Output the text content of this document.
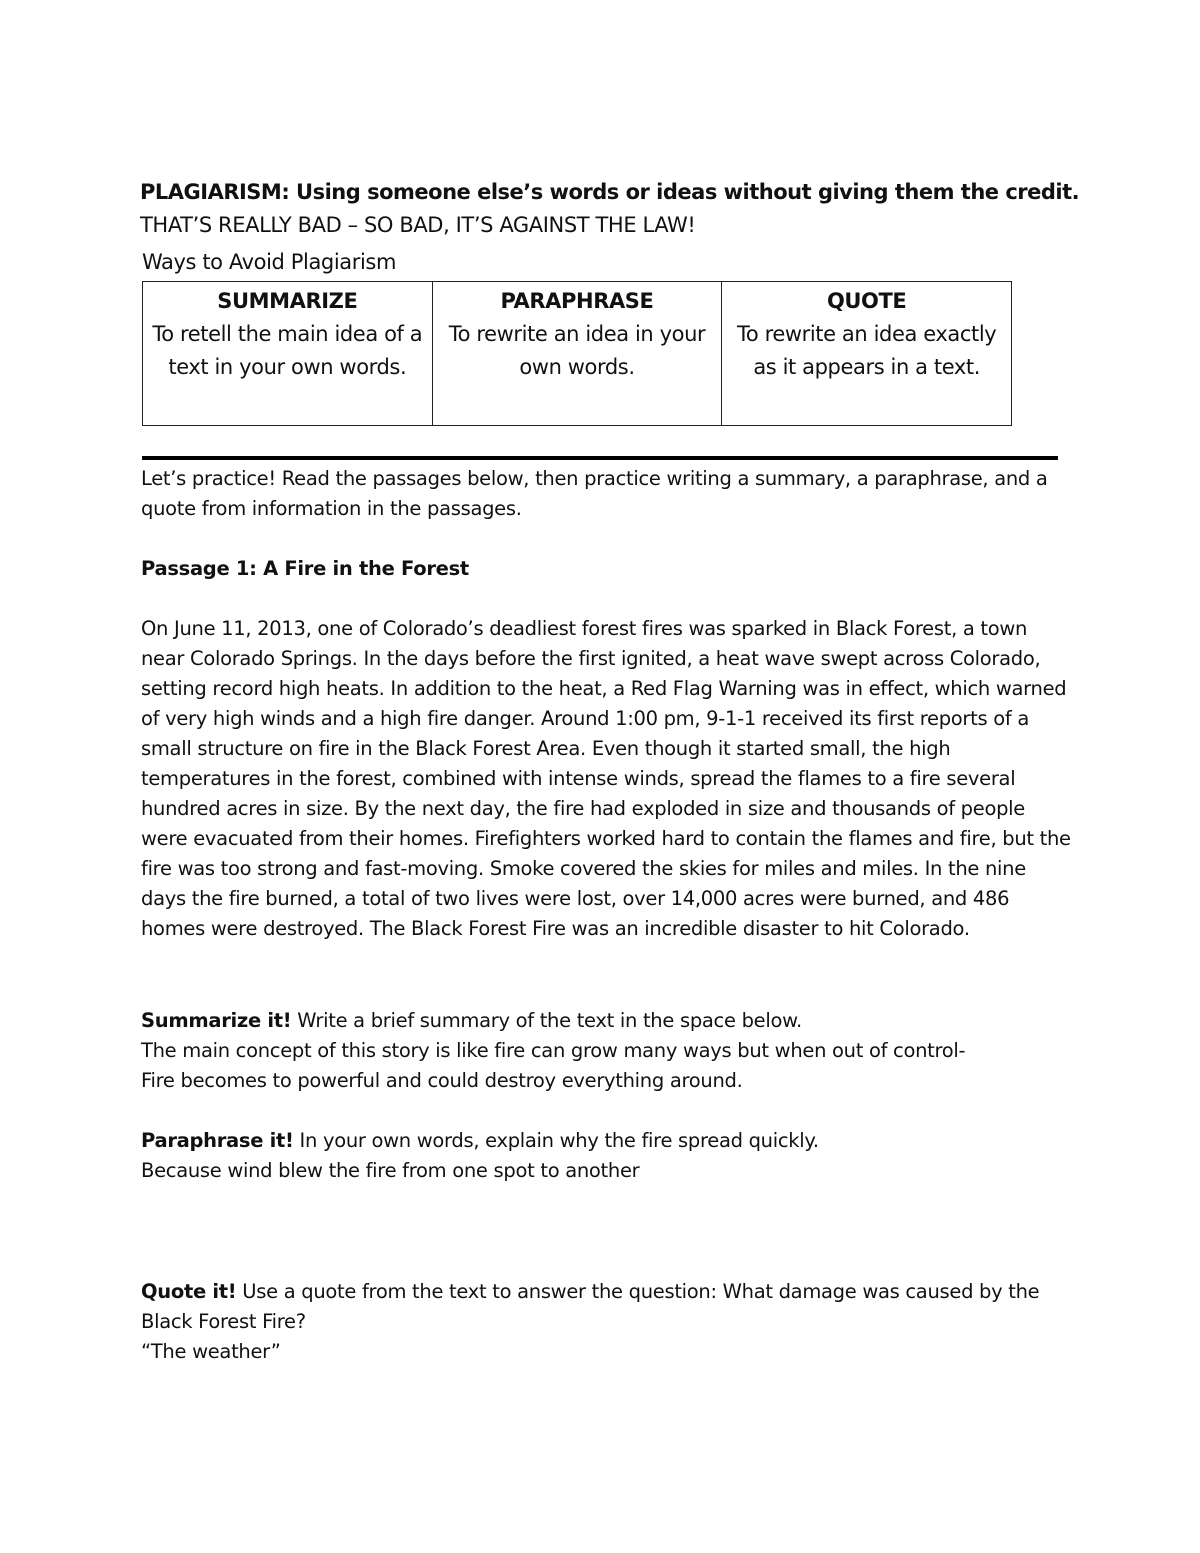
PLAGIARISM: Using someone else’s words or ideas without giving them the credit.
THAT’S REALLY BAD – SO BAD, IT’S AGAINST THE LAW!
Ways to Avoid Plagiarism
SUMMARIZE
To retell the main idea of a text in your own words.	
PARAPHRASE
To rewrite an idea in your own words.	
QUOTE
To rewrite an idea exactly as it appears in a text.

Let’s practice! Read the passages below, then practice writing a summary, a paraphrase, and a quote from information in the passages.

Passage 1: A Fire in the Forest

On June 11, 2013, one of Colorado’s deadliest forest fires was sparked in Black Forest, a town near Colorado Springs. In the days before the first ignited, a heat wave swept across Colorado, setting record high heats. In addition to the heat, a Red Flag Warning was in effect, which warned of very high winds and a high fire danger. Around 1:00 pm, 9-1-1 received its first reports of a small structure on fire in the Black Forest Area. Even though it started small, the high temperatures in the forest, combined with intense winds, spread the flames to a fire several hundred acres in size. By the next day, the fire had exploded in size and thousands of people were evacuated from their homes. Firefighters worked hard to contain the flames and fire, but the fire was too strong and fast-moving. Smoke covered the skies for miles and miles. In the nine days the fire burned, a total of two lives were lost, over 14,000 acres were burned, and 486 homes were destroyed. The Black Forest Fire was an incredible disaster to hit Colorado.

Summarize it! Write a brief summary of the text in the space below.

The main concept of this story is like fire can grow many ways but when out of control-

Fire becomes to powerful and could destroy everything around.

Paraphrase it! In your own words, explain why the fire spread quickly.

Because wind blew the fire from one spot to another

Quote it! Use a quote from the text to answer the question: What damage was caused by the Black Forest Fire?

“The weather”
